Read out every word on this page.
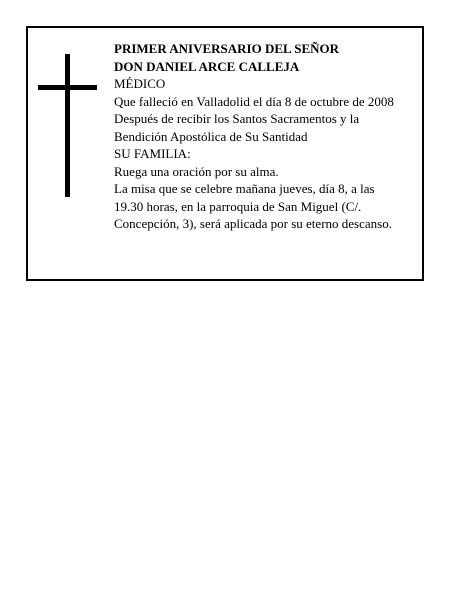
PRIMER ANIVERSARIO DEL SEÑOR
DON DANIEL ARCE CALLEJA
MÉDICO
Que falleció en Valladolid el día 8 de octubre de 2008
Después de recibir los Santos Sacramentos y la
Bendición Apostólica de Su Santidad
SU FAMILIA:
Ruega una oración por su alma.
La misa que se celebre mañana jueves, día 8, a las
19.30 horas, en la parroquia de San Miguel (C/.
Concepción, 3), será aplicada por su eterno descanso.
